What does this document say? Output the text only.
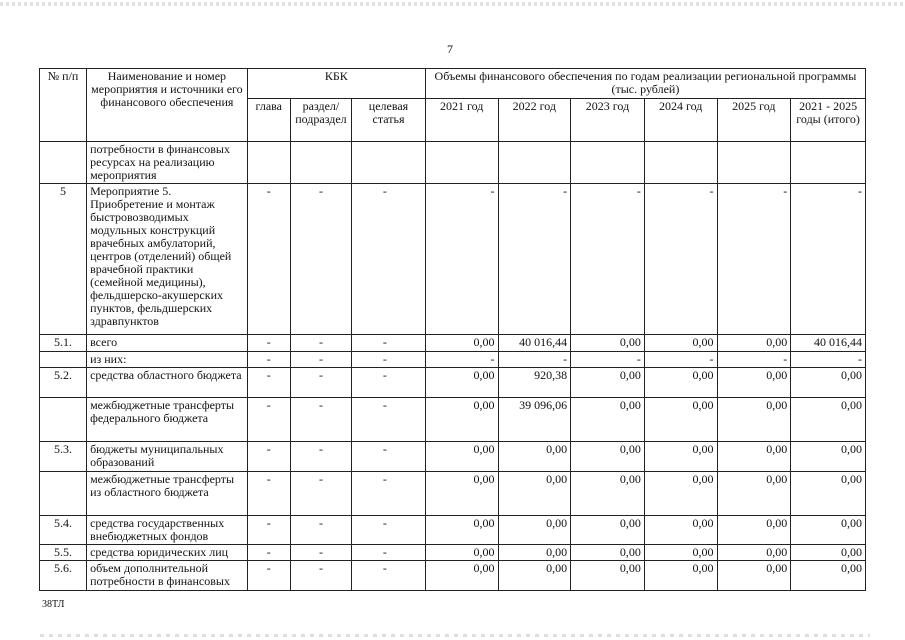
7
№ п/п	Наименование и номер мероприятия и источники его финансового обеспечения	КБК			Объемы финансового обеспечения по годам реализации региональной программы (тыс. рублей)					
		глава	раздел/ подраздел	целевая статья	2021 год	2022 год	2023 год	2024 год	2025 год	2021 - 2025 годы (итого)
	потребности в финансовых ресурсах на реализацию мероприятия									
5	Мероприятие 5. Приобретение и монтаж быстровозводимых модульных конструкций врачебных амбулаторий, центров (отделений) общей врачебной практики (семейной медицины), фельдшерско-акушерских пунктов, фельдшерских здравпунктов	-	-	-	-	-	-	-	-	-
5.1.	всего	-	-	-	0,00	40 016,44	0,00	0,00	0,00	40 016,44
	из них:	-	-	-	-	-	-	-	-	-
5.2.	средства областного бюджета	-	-	-	0,00	920,38	0,00	0,00	0,00	0,00
	межбюджетные трансферты федерального бюджета	-	-	-	0,00	39 096,06	0,00	0,00	0,00	0,00
5.3.	бюджеты муниципальных образований	-	-	-	0,00	0,00	0,00	0,00	0,00	0,00
	межбюджетные трансферты из областного бюджета	-	-	-	0,00	0,00	0,00	0,00	0,00	0,00
5.4.	средства государственных внебюджетных фондов	-	-	-	0,00	0,00	0,00	0,00	0,00	0,00
5.5.	средства юридических лиц	-	-	-	0,00	0,00	0,00	0,00	0,00	0,00
5.6.	объем дополнительной потребности в финансовых	-	-	-	0,00	0,00	0,00	0,00	0,00	0,00
38ТЛ
